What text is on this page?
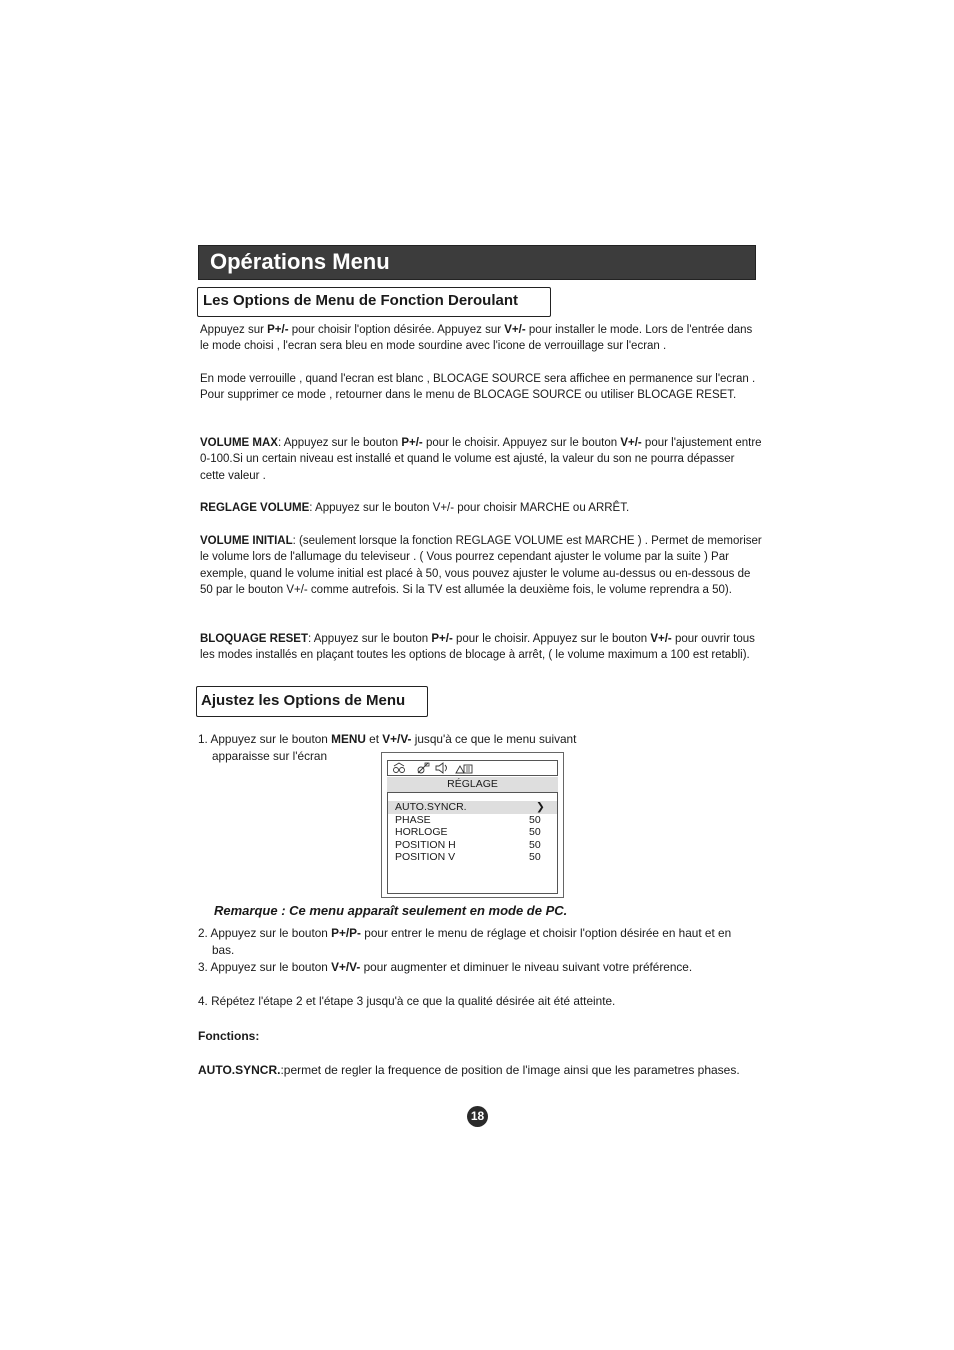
Opérations Menu
Les Options de Menu de Fonction Deroulant

Appuyez sur P+/- pour choisir l'option désirée. Appuyez sur V+/- pour installer le mode. Lors de l'entrée dans le mode choisi , l'ecran sera bleu en mode sourdine avec l'icone de verrouillage sur l'ecran .

En mode verrouille , quand l'ecran est blanc , BLOCAGE SOURCE sera affichee en permanence sur l'ecran . Pour supprimer ce mode , retourner dans le menu de BLOCAGE SOURCE ou utiliser BLOCAGE RESET.

VOLUME MAX: Appuyez sur le bouton P+/- pour le choisir. Appuyez sur le bouton V+/- pour l'ajustement entre 0-100.Si un certain niveau est installé et quand le volume est ajusté, la valeur du son ne pourra dépasser cette valeur .

REGLAGE VOLUME: Appuyez sur le bouton V+/- pour choisir MARCHE ou ARRÊT.

VOLUME INITIAL: (seulement lorsque la fonction REGLAGE VOLUME est MARCHE ) . Permet de memoriser le volume lors de l'allumage du televiseur . ( Vous pourrez cependant ajuster le volume par la suite ) Par exemple, quand le volume initial est placé à 50, vous pouvez ajuster le volume au-dessus ou en-dessous de 50 par le bouton V+/- comme autrefois. Si la TV est allumée la deuxième fois, le volume reprendra a 50).

BLOQUAGE RESET: Appuyez sur le bouton P+/- pour le choisir. Appuyez sur le bouton V+/- pour ouvrir tous les modes installés en plaçant toutes les options de blocage à arrêt, ( le volume maximum a 100 est retabli).

Ajustez les Options de Menu

1. Appuyez sur le bouton MENU et V+/V- jusqu'à ce que le menu suivant apparaisse sur l'écran

RÉGLAGE
AUTO.SYNCR.	❯
PHASE	50
HORLOGE	50
POSITION H	50
POSITION V	50
Remarque : Ce menu apparaît seulement en mode de PC.

2. Appuyez sur le bouton P+/P- pour entrer le menu de réglage et choisir l'option désirée en haut et en bas.

3. Appuyez sur le bouton V+/V- pour augmenter et diminuer le niveau suivant votre préférence.

4. Répétez l'étape 2 et l'étape 3 jusqu'à ce que la qualité désirée ait été atteinte.

Fonctions:

AUTO.SYNCR.:permet de regler la frequence de position de l'image ainsi que les parametres phases.

18
